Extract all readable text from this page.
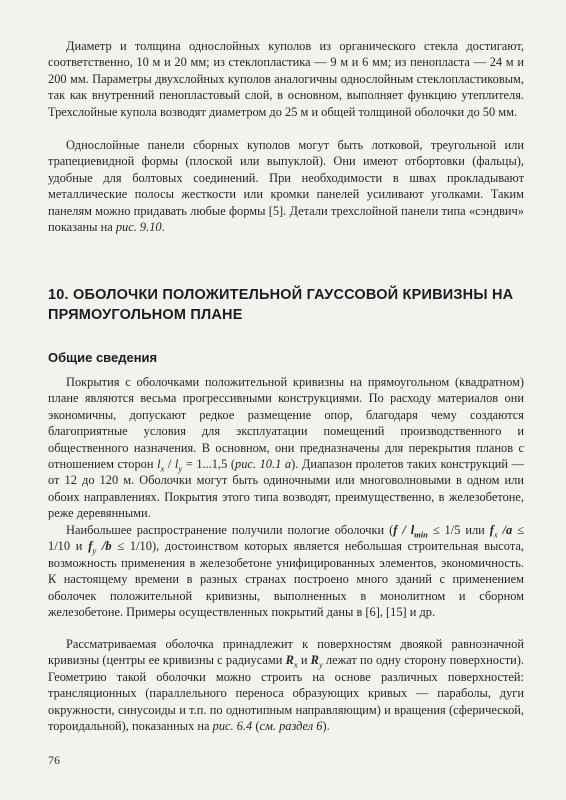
Диаметр и толщина однослойных куполов из органического стекла достигают, соответственно, 10 м и 20 мм; из стеклопластика — 9 м и 6 мм; из пенопласта — 24 м и 200 мм. Параметры двухслойных куполов аналогичны однослойным стеклопластиковым, так как внутренний пенопластовый слой, в основном, выполняет функцию утеплителя. Трехслойные купола возводят диаметром до 25 м и общей толщиной оболочки до 50 мм.

Однослойные панели сборных куполов могут быть лотковой, треугольной или трапециевидной формы (плоской или выпуклой). Они имеют отбортовки (фальцы), удобные для болтовых соединений. При необходимости в швах прокладывают металлические полосы жесткости или кромки панелей усиливают уголками. Таким панелям можно придавать любые формы [5]. Детали трехслойной панели типа «сэндвич» показаны на рис. 9.10.

10. ОБОЛОЧКИ ПОЛОЖИТЕЛЬНОЙ ГАУССОВОЙ КРИВИЗНЫ НА ПРЯМОУГОЛЬНОМ ПЛАНЕ
Общие сведения

Покрытия с оболочками положительной кривизны на прямоугольном (квадратном) плане являются весьма прогрессивными конструкциями. По расходу материалов они экономичны, допускают редкое размещение опор, благодаря чему создаются благоприятные условия для эксплуатации помещений производственного и общественного назначения. В основном, они предназначены для перекрытия планов с отношением сторон $l_x / l_y = 1...1,5$ (рис. 10.1 а). Диапазон пролетов таких конструкций — от 12 до 120 м. Оболочки могут быть одиночными или многоволновыми в одном или обоих направлениях. Покрытия этого типа возводят, преимущественно, в железобетоне, реже деревянными.

Наибольшее распространение получили пологие оболочки ($f / l_{min} \le 1/5$ или $f_x$ /a ≤ 1/10 и $f_y$ /b ≤ 1/10), достоинством которых является небольшая строительная высота, возможность применения в железобетоне унифицированных элементов, экономичность. К настоящему времени в разных странах построено много зданий с применением оболочек положительной кривизны, выполненных в монолитном и сборном железобетоне. Примеры осуществленных покрытий даны в [6], [15] и др.

Рассматриваемая оболочка принадлежит к поверхностям двоякой равнозначной кривизны (центры ее кривизны с радиусами $R_x$ и $R_y$ лежат по одну сторону поверхности). Геометрию такой оболочки можно строить на основе различных поверхностей: трансляционных (параллельного переноса образующих кривых — параболы, дуги окружности, синусоиды и т.п. по однотипным направляющим) и вращения (сферической, тороидальной), показанных на рис. 6.4 (см. раздел 6).

76
